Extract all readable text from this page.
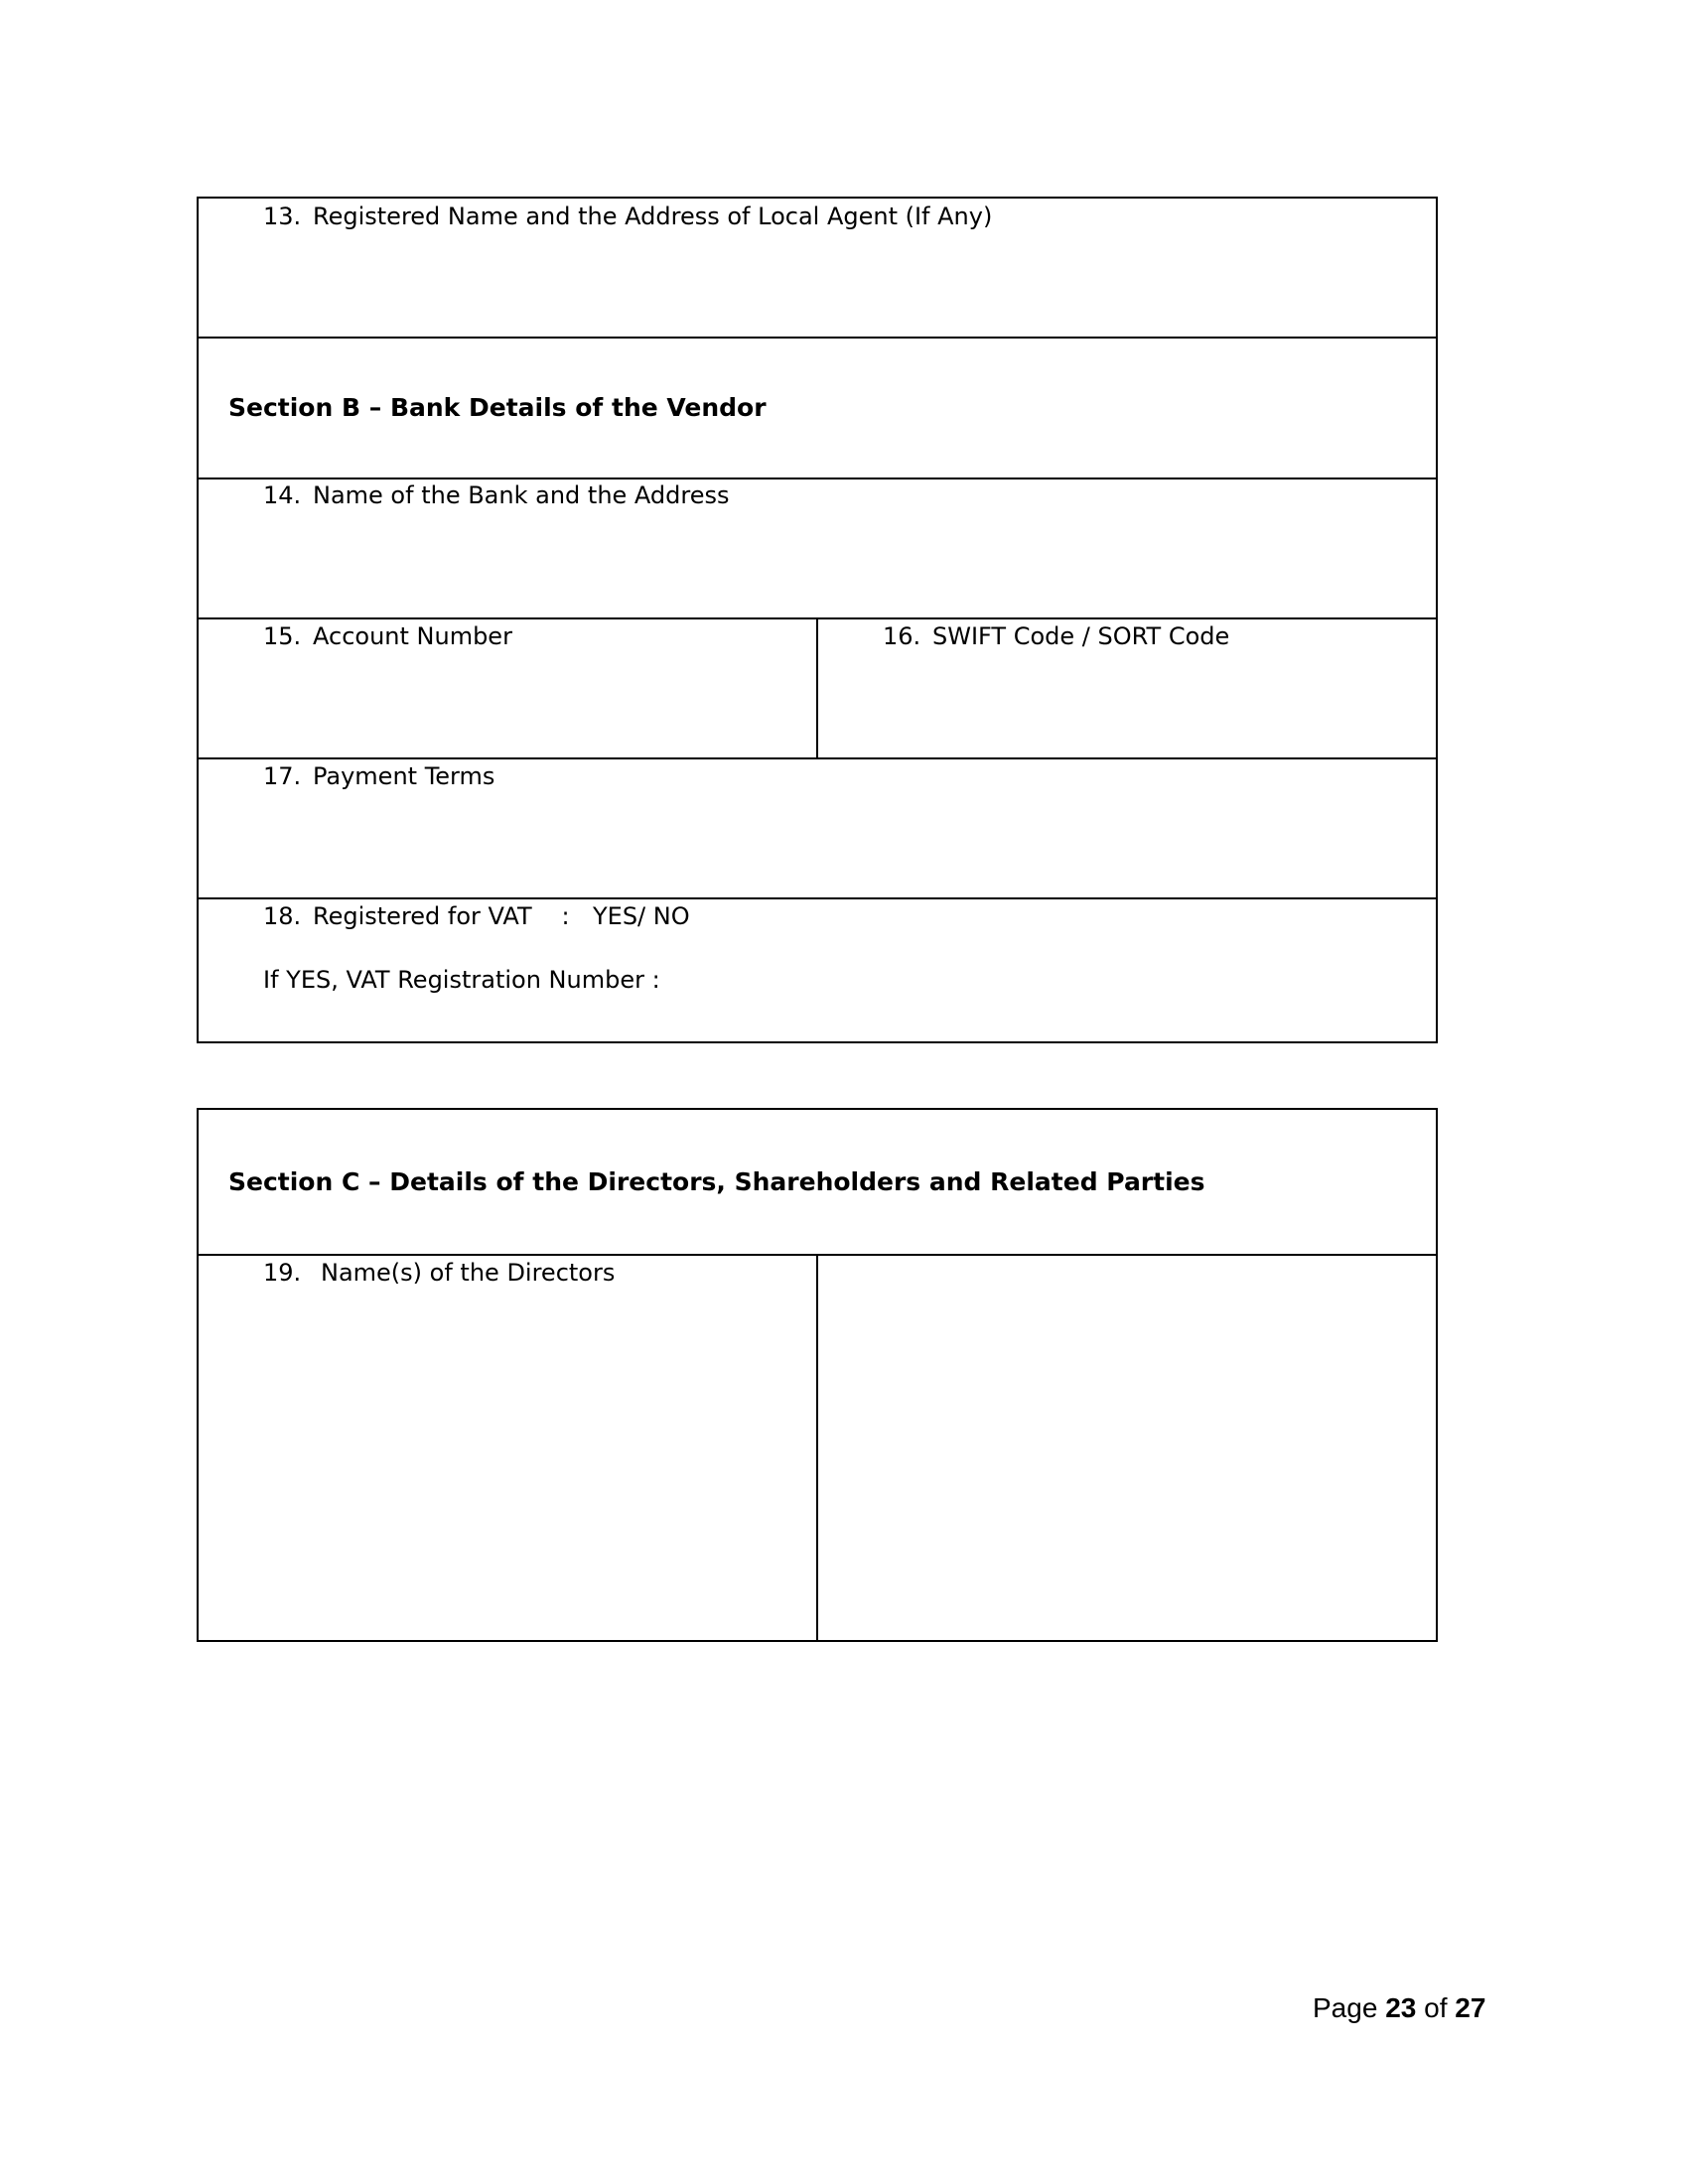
13. Registered Name and the Address of Local Agent (If Any)
Section B – Bank Details of the Vendor
14. Name of the Bank and the Address
15. Account Number	16. SWIFT Code / SORT Code
17. Payment Terms
18. Registered for VAT : YES/ NO
If YES, VAT Registration Number :
Section C – Details of the Directors, Shareholders and Related Parties
19. Name(s) of the Directors
Page 23 of 27
